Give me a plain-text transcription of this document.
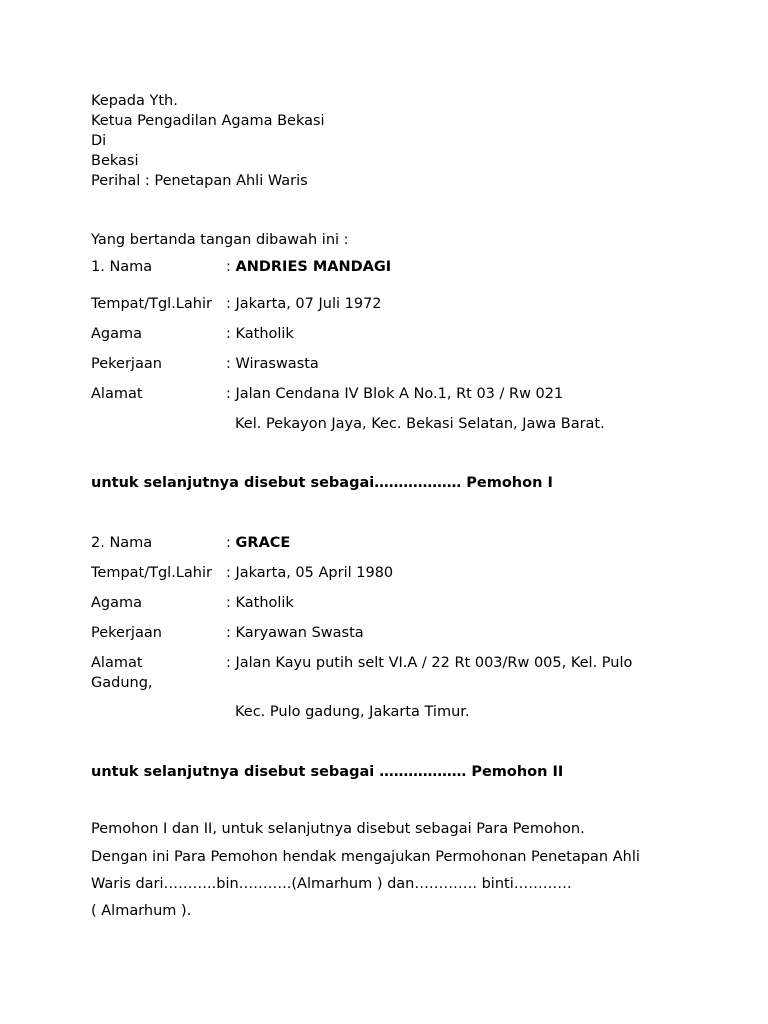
Kepada Yth.
Ketua Pengadilan Agama Bekasi
Di
Bekasi
Perihal : Penetapan Ahli Waris
Yang bertanda tangan dibawah ini :
1. Nama	: ANDRIES MANDAGI
Tempat/Tgl.Lahir : Jakarta, 07 Juli 1972
Agama	: Katholik
Pekerjaan	: Wiraswasta
Alamat	: Jalan Cendana IV Blok A No.1, Rt 03 / Rw 021
Kel. Pekayon Jaya, Kec. Bekasi Selatan, Jawa Barat.
untuk selanjutnya disebut sebagai……………… Pemohon I
2. Nama	: GRACE
Tempat/Tgl.Lahir : Jakarta, 05 April 1980
Agama	: Katholik
Pekerjaan	: Karyawan Swasta
Alamat	: Jalan Kayu putih selt VI.A / 22 Rt 003/Rw 005, Kel. Pulo
Gadung,
Kec. Pulo gadung, Jakarta Timur.
untuk selanjutnya disebut sebagai ……………… Pemohon II
Pemohon I dan II, untuk selanjutnya disebut sebagai Para Pemohon.
Dengan ini Para Pemohon hendak mengajukan Permohonan Penetapan Ahli
Waris dari………..bin………..(Almarhum ) dan…………. binti…………
( Almarhum ).
